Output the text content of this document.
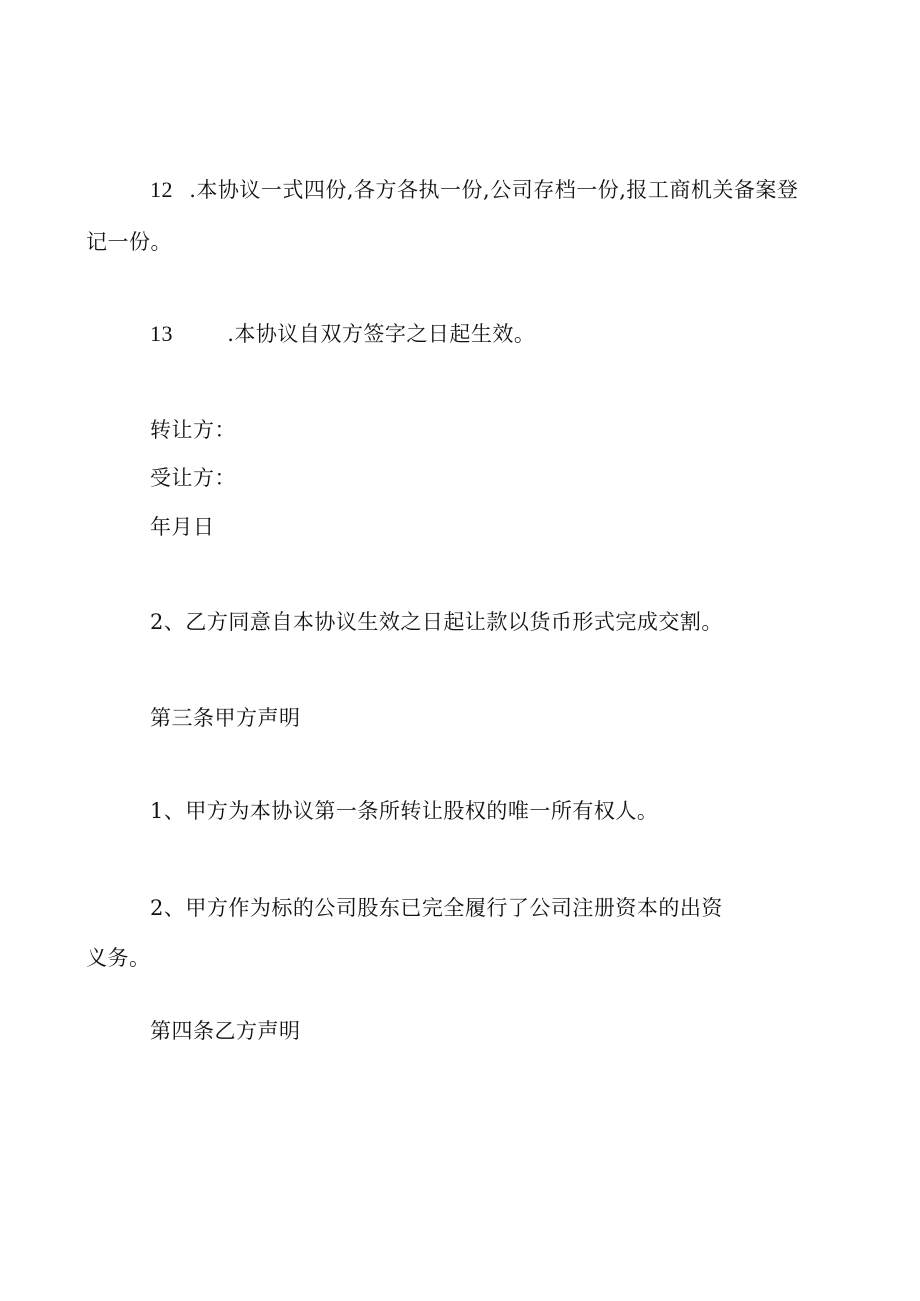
12 .本协议一式四份,各方各执一份,公司存档一份,报工商机关备案登
记一份。
13	.本协议自双方签字之日起生效。
转让方：
受让方：
年月日
2、乙方同意自本协议生效之日起让款以货币形式完成交割。
第三条甲方声明
1、甲方为本协议第一条所转让股权的唯一所有权人。
2、甲方作为标的公司股东已完全履行了公司注册资本的出资
义务。
第四条乙方声明
